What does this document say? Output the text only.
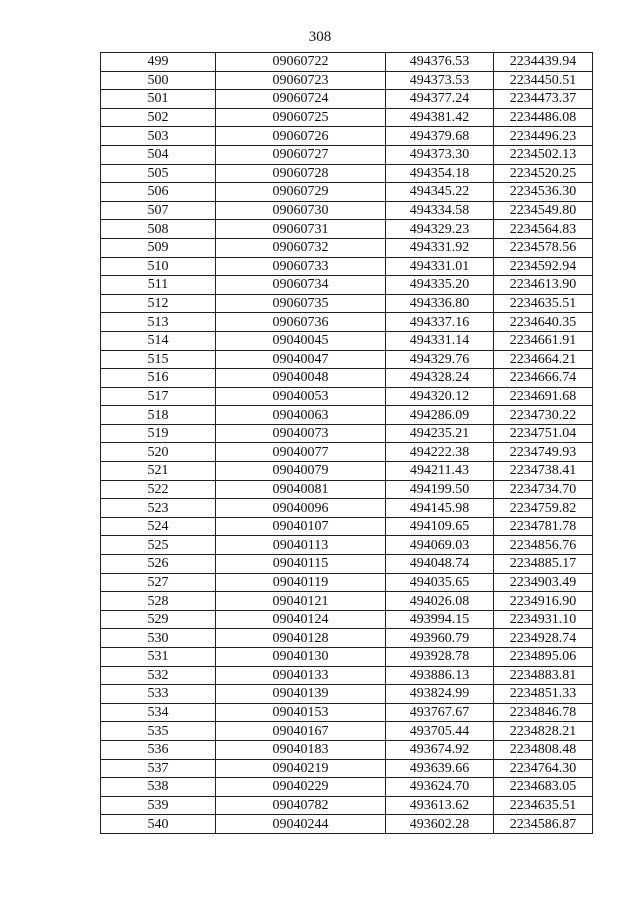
308
499	09060722	494376.53	2234439.94
500	09060723	494373.53	2234450.51
501	09060724	494377.24	2234473.37
502	09060725	494381.42	2234486.08
503	09060726	494379.68	2234496.23
504	09060727	494373.30	2234502.13
505	09060728	494354.18	2234520.25
506	09060729	494345.22	2234536.30
507	09060730	494334.58	2234549.80
508	09060731	494329.23	2234564.83
509	09060732	494331.92	2234578.56
510	09060733	494331.01	2234592.94
511	09060734	494335.20	2234613.90
512	09060735	494336.80	2234635.51
513	09060736	494337.16	2234640.35
514	09040045	494331.14	2234661.91
515	09040047	494329.76	2234664.21
516	09040048	494328.24	2234666.74
517	09040053	494320.12	2234691.68
518	09040063	494286.09	2234730.22
519	09040073	494235.21	2234751.04
520	09040077	494222.38	2234749.93
521	09040079	494211.43	2234738.41
522	09040081	494199.50	2234734.70
523	09040096	494145.98	2234759.82
524	09040107	494109.65	2234781.78
525	09040113	494069.03	2234856.76
526	09040115	494048.74	2234885.17
527	09040119	494035.65	2234903.49
528	09040121	494026.08	2234916.90
529	09040124	493994.15	2234931.10
530	09040128	493960.79	2234928.74
531	09040130	493928.78	2234895.06
532	09040133	493886.13	2234883.81
533	09040139	493824.99	2234851.33
534	09040153	493767.67	2234846.78
535	09040167	493705.44	2234828.21
536	09040183	493674.92	2234808.48
537	09040219	493639.66	2234764.30
538	09040229	493624.70	2234683.05
539	09040782	493613.62	2234635.51
540	09040244	493602.28	2234586.87
